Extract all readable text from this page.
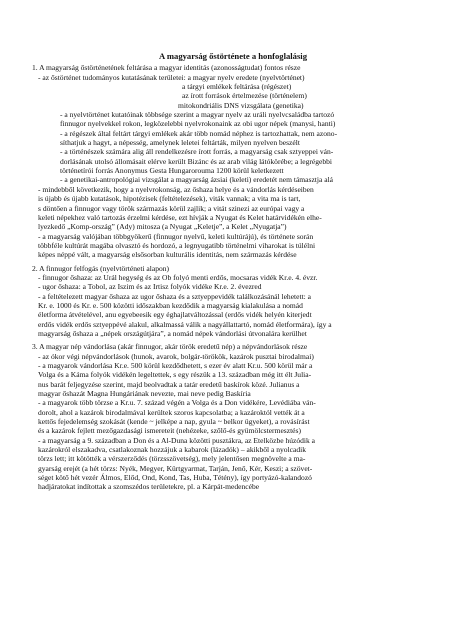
A magyarság őstörténete a honfoglalásig
1. A magyarság őstörténetének feltárása a magyar identitás (azonosságtudat) fontos része
- az őstörténet tudományos kutatásának területei: a magyar nyelv eredete (nyelvtörténet)
a tárgyi emlékek feltárása (régészet)
az írott források értelmezése (történelem)
mitokondriális DNS vizsgálata (genetika)
- a nyelvtörténet kutatóinak többsége szerint a magyar nyelv az uráli nyelvcsaládba tartozó
finnugor nyelvekkel rokon, legközelebbi nyelvrokonaink az obi ugor népek (manysi, hanti)
- a régészek által feltárt tárgyi emlékek akár több nomád néphez is tartozhattak, nem azono-
síthatjuk a hagyt, a népesség, amelynek leletei feltárták, milyen nyelven beszélt
- a történészek számára alig áll rendelkezésre írott forrás, a magyarság csak sztyeppei ván-
dorlásának utolsó állomásait elérve került Bizánc és az arab világ látókörébe; a legrégebbi
történetírói forrás Anonymus Gesta Hungarorouma 1200 körül keletkezett
- a genetikai-antropológiai vizsgálat a magyarság ázsiai (keleti) eredetét nem támasztja alá
- mindebből következik, hogy a nyelvrokonság, az őshaza helye és a vándorlás kérdéseiben
is újabb és újabb kutatások, hipotézisek (feltételezések), viták vannak; a vita ma is tart,
s döntően a finnugor vagy török származás körül zajlik; a vitát szinezi az európai vagy a
keleti népekhez való tartozás érzelmi kérdése, ezt hívják a Nyugat és Kelet határvidékén elhe-
lyezkedő „Komp-ország” (Ady) mitosza (a Nyugat „Keletje”, a Kelet „Nyugatja”)
- a magyarság valójában többgyökerű (finnugor nyelvű, keleti kultúrájú), és története során
többféle kultúrát magába olvasztó és hordozó, a legnyugatibb történelmi viharokat is túlélni
képes néppé vált, a magyarság elsősorban kulturális identitás, nem származás kérdése
2. A finnugor felfogás (nyelvtörténeti alapon)
- finnugor őshaza: az Urál hegység és az Ob folyó menti erdős, mocsaras vidék Kr.e. 4. évzr.
- ugor őshaza: a Tobol, az Iszim és az Irtisz folyók vidéke Kr.e. 2. évezred
- a feltételezett magyar őshaza az ugor őshaza és a sztyeppevidék találkozásánál lehetett: a
Kr. e. 1000 és Kr. e. 500 közötti időszakban kezdődik a magyarság kialakulása a nomád
életforma átvételével, anu egyebeesik egy éghajlatváltozással (erdős vidék helyén kiterjedt
erdős vidék erdős sztyeppévé alakul, alkalmassá válik a nagyállattartó, nomád életformára), így a
magyarság őshaza a „népek országútjára”, a nomád népek vándorlási útvonalára kerülhet
3. A magyar nép vándorlása (akár finnugor, akár török eredetű nép) a népvándorlások része
- az ókor végi népvándorlások (hunok, avarok, bolgár-törökök, kazárok pusztai birodalmai)
- a magyarok vándorlása Kr.e. 500 körül kezdődhetett, s ezer év alatt Kr.u. 500 körül már a
Volga és a Káma folyók vidékén legeltettek, s egy részük a 13. században még itt élt Julia-
nus barát feljegyzése szerint, majd beolvadtak a tatár eredetű baskírok közé. Julianus a
magyar őshazát Magna Hungáriának nevezte, mai neve pedig Baskíria
- a magyarok több törzse a Kr.u. 7. század végén a Volga és a Don vidékére, Levédiába ván-
dorolt, ahol a kazárok birodalmával kerültek szoros kapcsolatba; a kazároktól vették át a
kettős fejedelemség szokását (kende ~ jelképe a nap, gyula ~ belkor ügyeket), a rovásírást
és a kazárok fejlett mezőgazdasági ismereteit (nehézeke, szőlő-és gyümölcstermesztés)
- a magyarság a 9. században a Don és a Al-Duna közötti pusztákra, az Etelközbe húzódik a
kazárokról elszakadva, csatlakoznak hozzájuk a kabarok (lázadók) – akikből a nyolcadik
törzs lett; itt kötötték a vérszerződés (törzsszövetség), mely jelentősen megnövelte a ma-
gyarság erejét (a hét törzs: Nyék, Megyer, Kürtgyarmat, Tarján, Jenő, Kér, Keszi; a szövet-
séget kötő hét vezér Álmos, Előd, Ond, Kond, Tas, Huba, Tétény), így portyázó-kalandozó
hadjáratokat indítottak a szomszédos területekre, pl. a Kárpát-medencébe
